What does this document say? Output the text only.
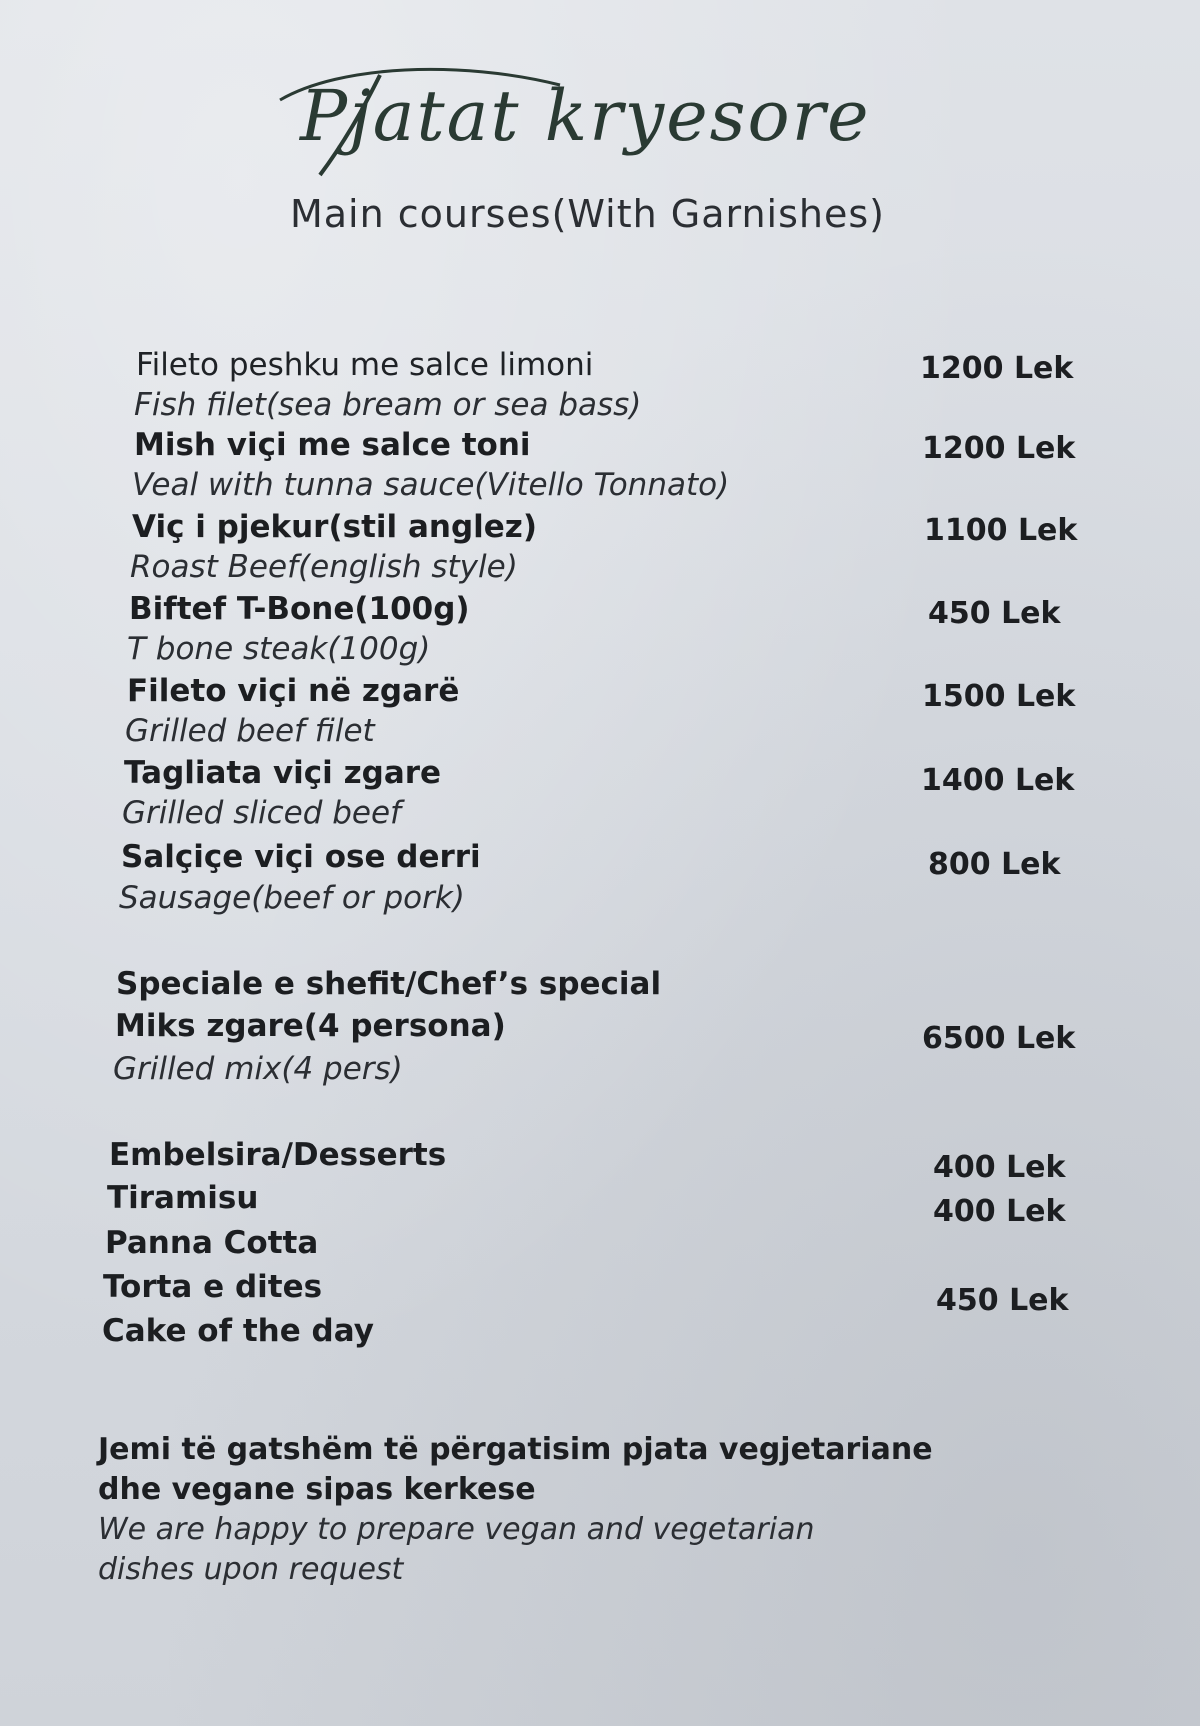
Pjatat kryesore
Main courses(With Garnishes)
Fileto peshku me salce limoni
Fish filet(sea bream or sea bass)
1200 Lek
Mish viçi me salce toni
Veal with tunna sauce(Vitello Tonnato)
1200 Lek
Viç i pjekur(stil anglez)
Roast Beef(english style)
1100 Lek
Biftef T-Bone(100g)
T bone steak(100g)
450 Lek
Fileto viçi në zgarë
Grilled beef filet
1500 Lek
Tagliata viçi zgare
Grilled sliced beef
1400 Lek
Salçiçe viçi ose derri
Sausage(beef or pork)
800 Lek
Speciale e shefit/Chef’s special
Miks zgare(4 persona)
Grilled mix(4 pers)
6500 Lek
Embelsira/Desserts
Tiramisu
Panna Cotta
Torta e dites
Cake of the day
400 Lek
400 Lek
450 Lek
Jemi të gatshëm të përgatisim pjata vegjetariane
dhe vegane sipas kerkese
We are happy to prepare vegan and vegetarian
dishes upon request
